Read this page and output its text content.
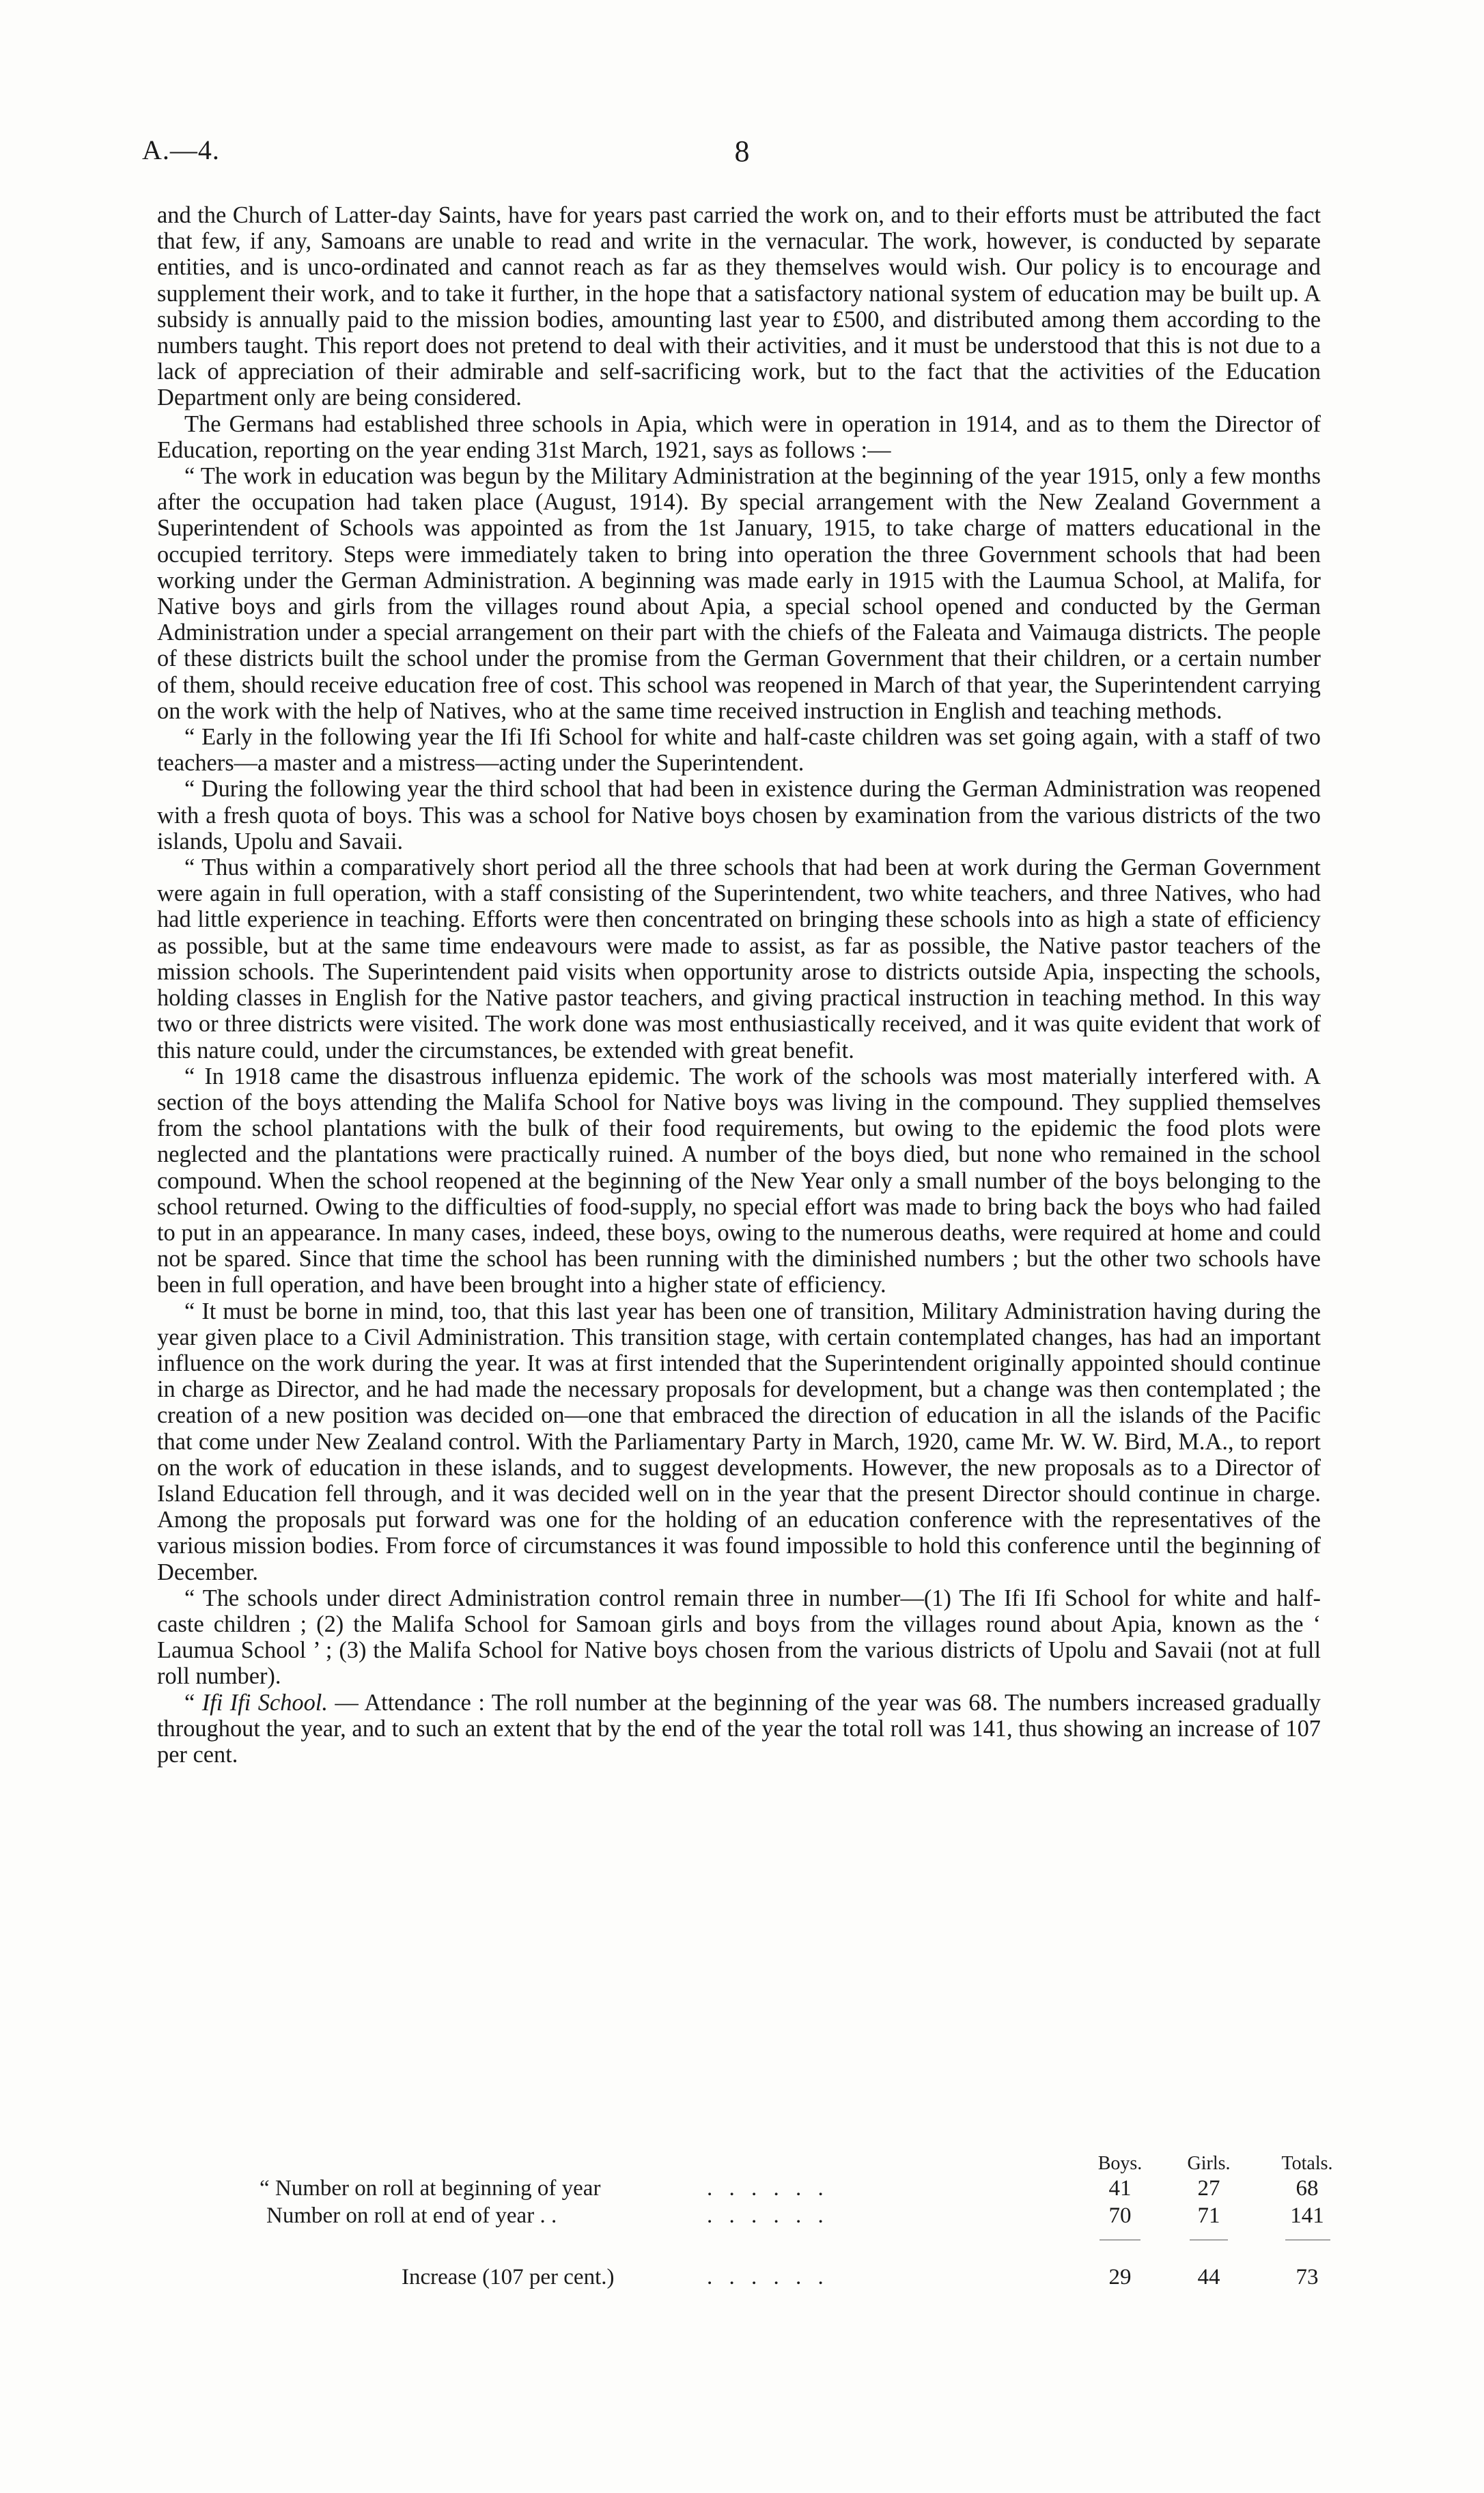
A.—4.	8

and the Church of Latter-day Saints, have for years past carried the work on, and to their efforts must be attributed the fact that few, if any, Samoans are unable to read and write in the vernacular. The work, however, is conducted by separate entities, and is unco-ordinated and cannot reach as far as they themselves would wish. Our policy is to encourage and supplement their work, and to take it further, in the hope that a satisfactory national system of education may be built up. A subsidy is annually paid to the mission bodies, amounting last year to £500, and distributed among them according to the numbers taught. This report does not pretend to deal with their activities, and it must be understood that this is not due to a lack of appreciation of their admirable and self-sacrificing work, but to the fact that the activities of the Education Department only are being considered.

The Germans had established three schools in Apia, which were in operation in 1914, and as to them the Director of Education, reporting on the year ending 31st March, 1921, says as follows :—

“ The work in education was begun by the Military Administration at the beginning of the year 1915, only a few months after the occupation had taken place (August, 1914). By special arrangement with the New Zealand Government a Superintendent of Schools was appointed as from the 1st January, 1915, to take charge of matters educational in the occupied territory. Steps were immediately taken to bring into operation the three Government schools that had been working under the German Administration. A beginning was made early in 1915 with the Laumua School, at Malifa, for Native boys and girls from the villages round about Apia, a special school opened and conducted by the German Administration under a special arrangement on their part with the chiefs of the Faleata and Vaimauga districts. The people of these districts built the school under the promise from the German Government that their children, or a certain number of them, should receive education free of cost. This school was reopened in March of that year, the Superintendent carrying on the work with the help of Natives, who at the same time received instruction in English and teaching methods.

“ Early in the following year the Ifi Ifi School for white and half-caste children was set going again, with a staff of two teachers—a master and a mistress—acting under the Superintendent.

“ During the following year the third school that had been in existence during the German Administration was reopened with a fresh quota of boys. This was a school for Native boys chosen by examination from the various districts of the two islands, Upolu and Savaii.

“ Thus within a comparatively short period all the three schools that had been at work during the German Government were again in full operation, with a staff consisting of the Superintendent, two white teachers, and three Natives, who had had little experience in teaching. Efforts were then concentrated on bringing these schools into as high a state of efficiency as possible, but at the same time endeavours were made to assist, as far as possible, the Native pastor teachers of the mission schools. The Superintendent paid visits when opportunity arose to districts outside Apia, inspecting the schools, holding classes in English for the Native pastor teachers, and giving practical instruction in teaching method. In this way two or three districts were visited. The work done was most enthusiastically received, and it was quite evident that work of this nature could, under the circumstances, be extended with great benefit.

“ In 1918 came the disastrous influenza epidemic. The work of the schools was most materially interfered with. A section of the boys attending the Malifa School for Native boys was living in the compound. They supplied themselves from the school plantations with the bulk of their food requirements, but owing to the epidemic the food plots were neglected and the plantations were practically ruined. A number of the boys died, but none who remained in the school compound. When the school reopened at the beginning of the New Year only a small number of the boys belonging to the school returned. Owing to the difficulties of food-supply, no special effort was made to bring back the boys who had failed to put in an appearance. In many cases, indeed, these boys, owing to the numerous deaths, were required at home and could not be spared. Since that time the school has been running with the diminished numbers ; but the other two schools have been in full operation, and have been brought into a higher state of efficiency.

“ It must be borne in mind, too, that this last year has been one of transition, Military Administration having during the year given place to a Civil Administration. This transition stage, with certain contemplated changes, has had an important influence on the work during the year. It was at first intended that the Superintendent originally appointed should continue in charge as Director, and he had made the necessary proposals for development, but a change was then contemplated ; the creation of a new position was decided on—one that embraced the direction of education in all the islands of the Pacific that come under New Zealand control. With the Parliamentary Party in March, 1920, came Mr. W. W. Bird, M.A., to report on the work of education in these islands, and to suggest developments. However, the new proposals as to a Director of Island Education fell through, and it was decided well on in the year that the present Director should continue in charge. Among the proposals put forward was one for the holding of an education conference with the representatives of the various mission bodies. From force of circumstances it was found impossible to hold this conference until the beginning of December.

“ The schools under direct Administration control remain three in number—(1) The Ifi Ifi School for white and half-caste children ; (2) the Malifa School for Samoan girls and boys from the villages round about Apia, known as the ‘ Laumua School ’ ; (3) the Malifa School for Native boys chosen from the various districts of Upolu and Savaii (not at full roll number).

“ Ifi Ifi School. — Attendance : The roll number at the beginning of the year was 68. The numbers increased gradually throughout the year, and to such an extent that by the end of the year the total roll was 141, thus showing an increase of 107 per cent.

Boys.	Girls.	Totals.
“ Number on roll at beginning of year	. . . . . .	41	27	68
Number on roll at end of year . .	. . . . . .	70	71	141
Increase (107 per cent.)	. . . . . .	29	44	73
